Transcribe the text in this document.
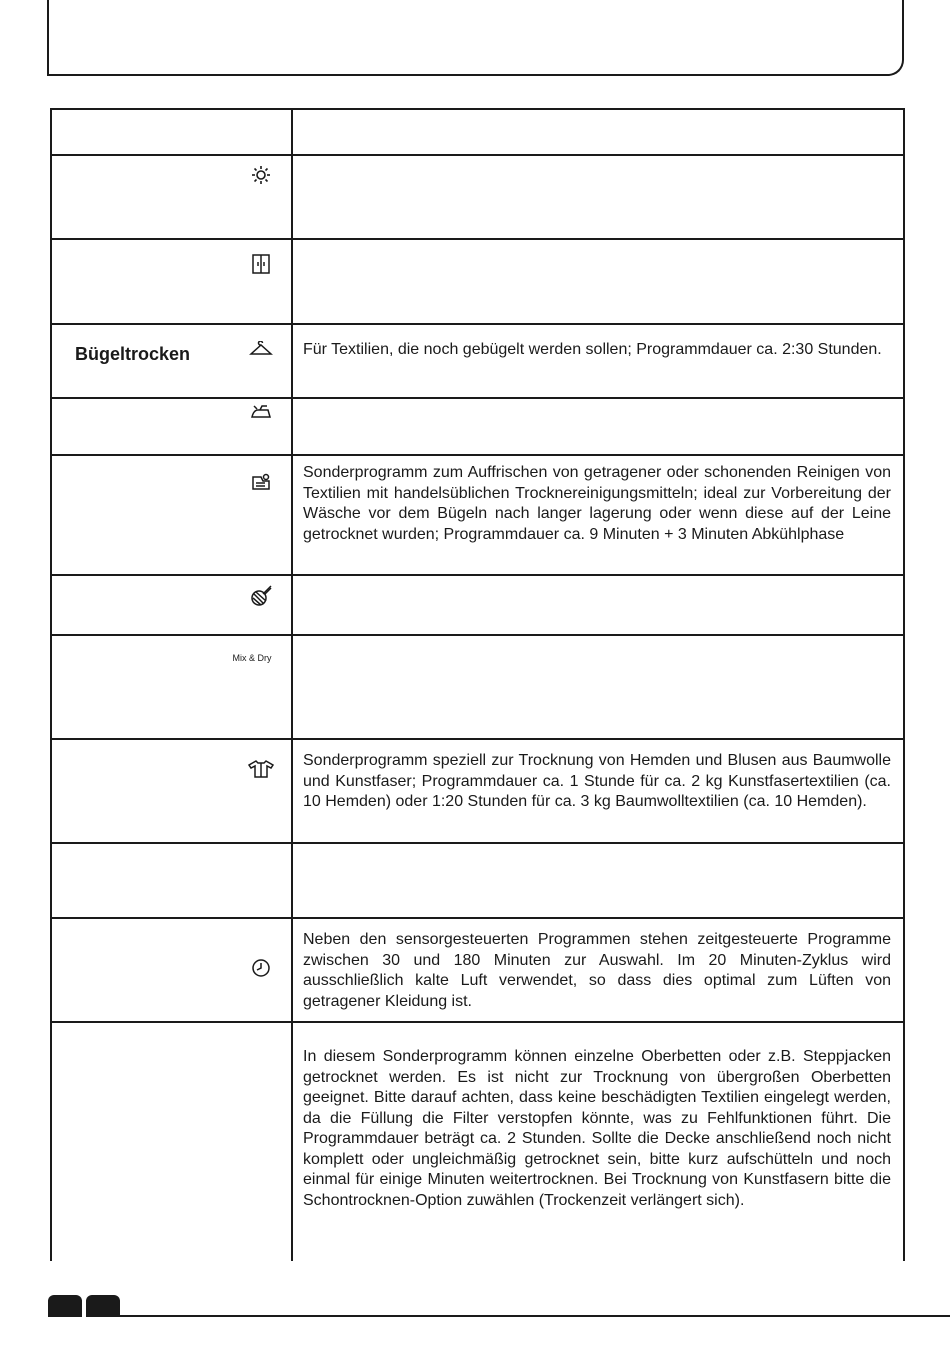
Bügeltrocken	Für Textilien, die noch gebügelt werden sollen; Programmdauer ca. 2:30 Stunden.
Sonderprogramm zum Auffrischen von getragener oder schonenden Reinigen von Textilien mit handelsüblichen Trocknereinigungsmitteln; ideal zur Vorbereitung der Wäsche vor dem Bügeln nach langer lagerung oder wenn diese auf der Leine getrocknet wurden; Programmdauer ca. 9 Minuten + 3 Minuten Abkühlphase
Mix & Dry
Sonderprogramm speziell zur Trocknung von Hemden und Blusen aus Baumwolle und Kunstfaser; Programmdauer ca. 1 Stunde für ca. 2 kg Kunstfasertextilien (ca. 10 Hemden) oder 1:20 Stunden für ca. 3 kg Baumwolltextilien (ca. 10 Hemden).
Neben den sensorgesteuerten Programmen stehen zeitgesteuerte Programme zwischen 30 und 180 Minuten zur Auswahl. Im 20 Minuten-Zyklus wird ausschließlich kalte Luft verwendet, so dass dies optimal zum Lüften von getragener Kleidung ist.
In diesem Sonderprogramm können einzelne Oberbetten oder z.B. Steppjacken getrocknet werden. Es ist nicht zur Trocknung von übergroßen Oberbetten geeignet. Bitte darauf achten, dass keine beschädigten Textilien eingelegt werden, da die Füllung die Filter verstopfen könnte, was zu Fehlfunktionen führt. Die Programmdauer beträgt ca. 2 Stunden. Sollte die Decke anschließend noch nicht komplett oder ungleichmäßig getrocknet sein, bitte kurz aufschütteln und noch einmal für einige Minuten weitertrocknen. Bei Trocknung von Kunstfasern bitte die Schontrocknen-Option zuwählen (Trockenzeit verlängert sich).
